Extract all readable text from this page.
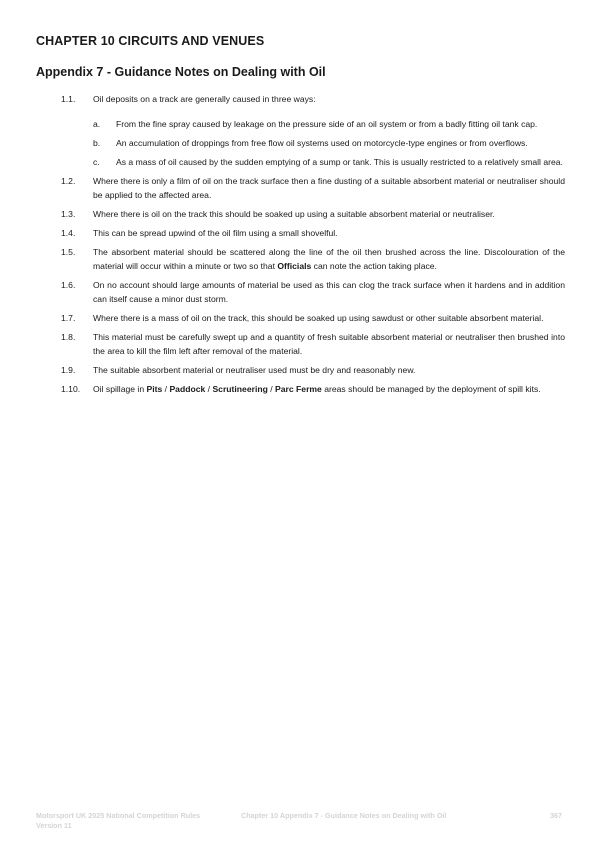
CHAPTER 10 CIRCUITS AND VENUES
Appendix 7 - Guidance Notes on Dealing with Oil
1.1. Oil deposits on a track are generally caused in three ways:
a. From the fine spray caused by leakage on the pressure side of an oil system or from a badly fitting oil tank cap.
b. An accumulation of droppings from free flow oil systems used on motorcycle-type engines or from overflows.
c. As a mass of oil caused by the sudden emptying of a sump or tank. This is usually restricted to a relatively small area.
1.2. Where there is only a film of oil on the track surface then a fine dusting of a suitable absorbent material or neutraliser should be applied to the affected area.
1.3. Where there is oil on the track this should be soaked up using a suitable absorbent material or neutraliser.
1.4. This can be spread upwind of the oil film using a small shovelful.
1.5. The absorbent material should be scattered along the line of the oil then brushed across the line. Discolouration of the material will occur within a minute or two so that Officials can note the action taking place.
1.6. On no account should large amounts of material be used as this can clog the track surface when it hardens and in addition can itself cause a minor dust storm.
1.7. Where there is a mass of oil on the track, this should be soaked up using sawdust or other suitable absorbent material.
1.8. This material must be carefully swept up and a quantity of fresh suitable absorbent material or neutraliser then brushed into the area to kill the film left after removal of the material.
1.9. The suitable absorbent material or neutraliser used must be dry and reasonably new.
1.10. Oil spillage in Pits / Paddock / Scrutineering / Parc Ferme areas should be managed by the deployment of spill kits.
Motorsport UK 2025 National Competition Rules
Version 11
Chapter 10 Appendix 7 - Guidance Notes on Dealing with Oil	367
